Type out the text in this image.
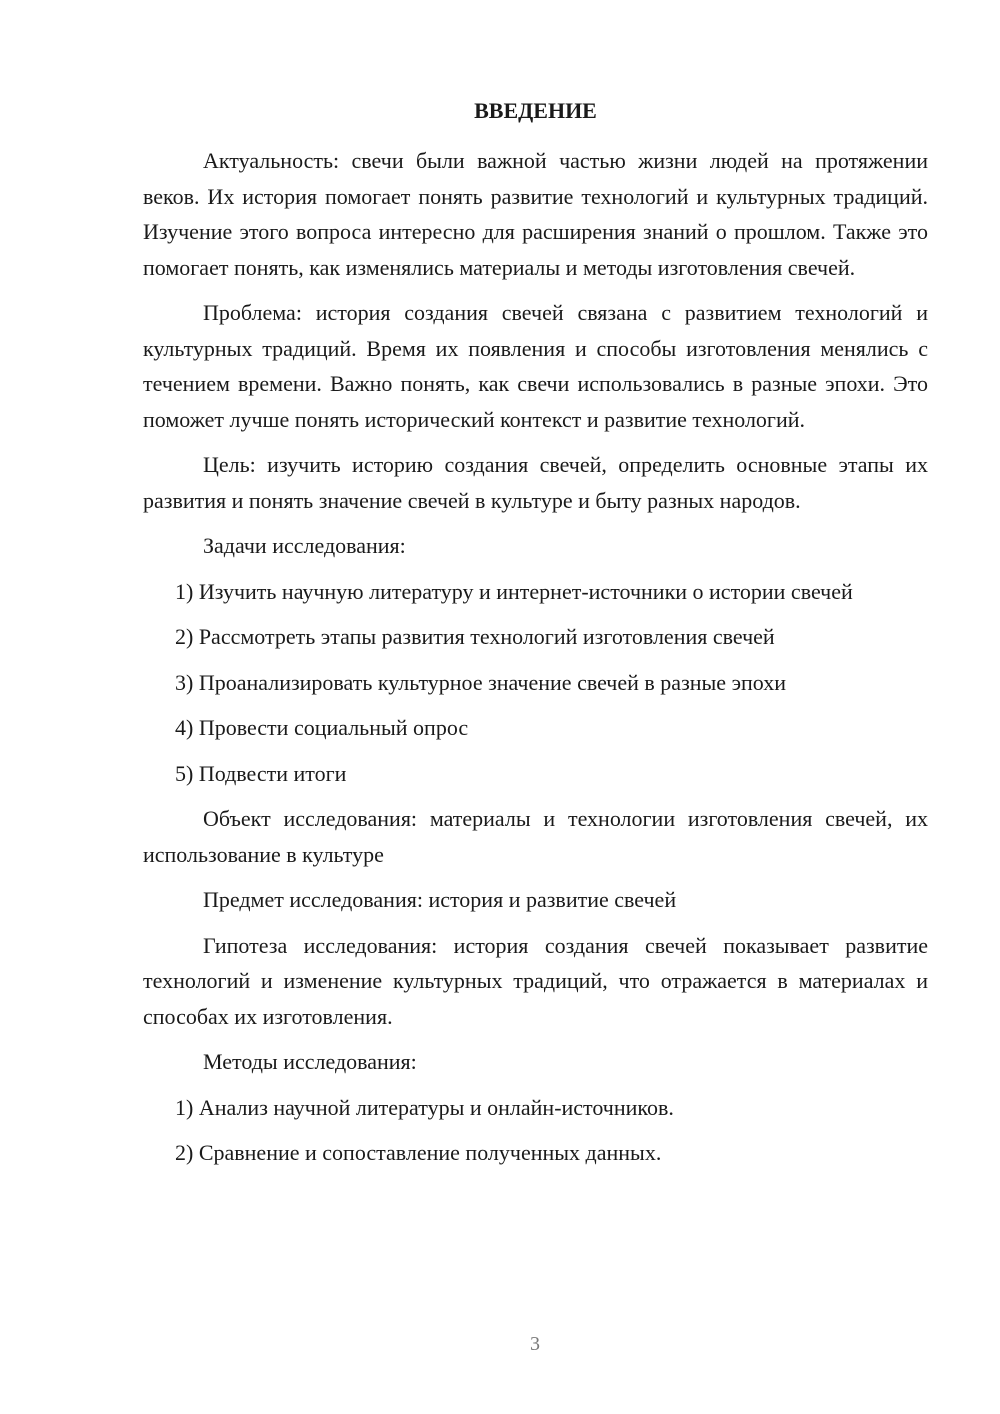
ВВЕДЕНИЕ

Актуальность: свечи были важной частью жизни людей на протяжении веков. Их история помогает понять развитие технологий и культурных традиций. Изучение этого вопроса интересно для расширения знаний о прошлом. Также это помогает понять, как изменялись материалы и методы изготовления свечей.

Проблема: история создания свечей связана с развитием технологий и культурных традиций. Время их появления и способы изготовления менялись с течением времени. Важно понять, как свечи использовались в разные эпохи. Это поможет лучше понять исторический контекст и развитие технологий.

Цель: изучить историю создания свечей, определить основные этапы их развития и понять значение свечей в культуре и быту разных народов.

Задачи исследования:

1) Изучить научную литературу и интернет-источники о истории свечей

2) Рассмотреть этапы развития технологий изготовления свечей

3) Проанализировать культурное значение свечей в разные эпохи

4) Провести социальный опрос

5) Подвести итоги

Объект исследования: материалы и технологии изготовления свечей, их использование в культуре

Предмет исследования: история и развитие свечей

Гипотеза исследования: история создания свечей показывает развитие технологий и изменение культурных традиций, что отражается в материалах и способах их изготовления.

Методы исследования:

1) Анализ научной литературы и онлайн-источников.

2) Сравнение и сопоставление полученных данных.

3
